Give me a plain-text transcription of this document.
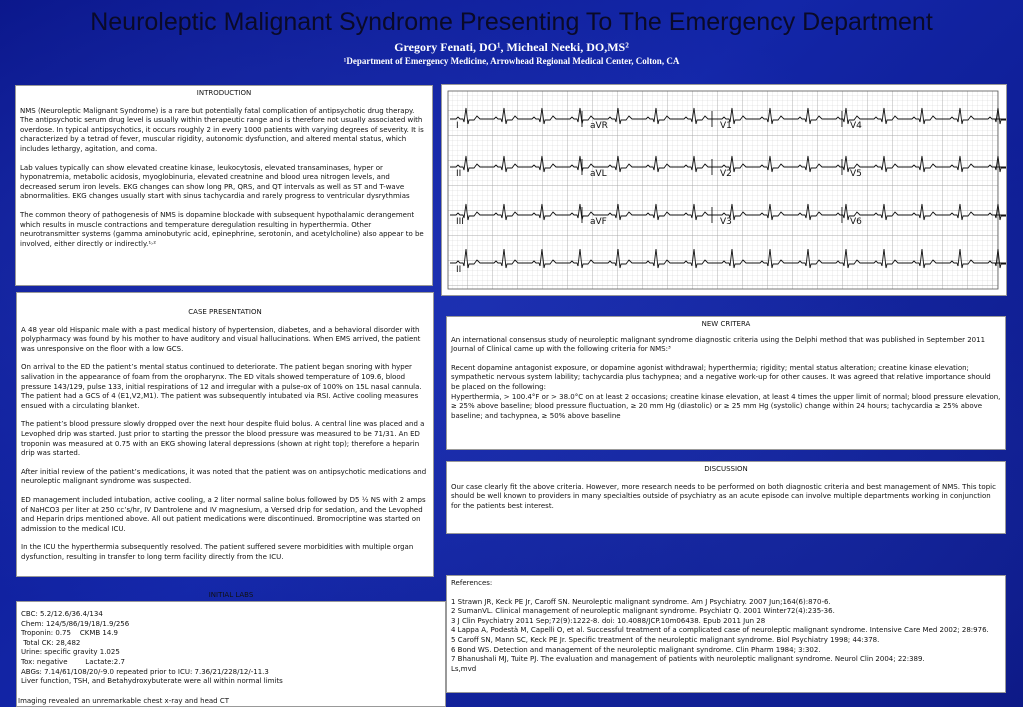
Neuroleptic Malignant Syndrome Presenting To The Emergency Department
Gregory Fenati, DO¹, Micheal Neeki, DO,MS²
¹Department of Emergency Medicine, Arrowhead Regional Medical Center, Colton, CA
INTRODUCTION

NMS (Neuroleptic Malignant Syndrome) is a rare but potentially fatal complication of antipsychotic drug therapy. The antipsychotic serum drug level is usually within therapeutic range and is therefore not usually associated with overdose. In typical antipsychotics, it occurs roughly 2 in every 1000 patients with varying degrees of severity. It is characterized by a tetrad of fever, muscular rigidity, autonomic dysfunction, and altered mental status, which includes lethargy, agitation, and coma.

Lab values typically can show elevated creatine kinase, leukocytosis, elevated transaminases, hyper or hyponatremia, metabolic acidosis, myoglobinuria, elevated creatnine and blood urea nitrogen levels, and decreased serum iron levels. EKG changes can show long PR, QRS, and QT intervals as well as ST and T-wave abnormalities. EKG changes usually start with sinus tachycardia and rarely progress to ventricular dysrythmias

The common theory of pathogenesis of NMS is dopamine blockade with subsequent hypothalamic derangement which results in muscle contractions and temperature deregulation resulting in hyperthermia. Other neurotransmitter systems (gamma aminobutyric acid, epinephrine, serotonin, and acetylcholine) also appear to be involved, either directly or indirectly.¹˒²

I	aVR	V1	V4
II	aVL	V2	V5
III	aVF	V3	V6
II
CASE PRESENTATION

A 48 year old Hispanic male with a past medical history of hypertension, diabetes, and a behavioral disorder with polypharmacy was found by his mother to have auditory and visual hallucinations. When EMS arrived, the patient was unresponsive on the floor with a low GCS.

On arrival to the ED the patient’s mental status continued to deteriorate. The patient began snoring with hyper salivation in the appearance of foam from the oropharynx. The ED vitals showed temperature of 109.6, blood pressure 143/129, pulse 133, initial respirations of 12 and irregular with a pulse-ox of 100% on 15L nasal cannula. The patient had a GCS of 4 (E1,V2,M1). The patient was subsequently intubated via RSI. Active cooling measures ensued with a circulating blanket.

The patient’s blood pressure slowly dropped over the next hour despite fluid bolus. A central line was placed and a Levophed drip was started. Just prior to starting the pressor the blood pressure was measured to be 71/31. An ED troponin was measured at 0.75 with an EKG showing lateral depressions (shown at right top); therefore a heparin drip was started.

After initial review of the patient’s medications, it was noted that the patient was on antipsychotic medications and neuroleptic malignant syndrome was suspected.

ED management included intubation, active cooling, a 2 liter normal saline bolus followed by D5 ½ NS with 2 amps of NaHCO3 per liter at 250 cc’s/hr, IV Dantrolene and IV magnesium, a Versed drip for sedation, and the Levophed and Heparin drips mentioned above. All out patient medications were discontinued. Bromocriptine was started on admission to the medical ICU.

In the ICU the hyperthermia subsequently resolved. The patient suffered severe morbidities with multiple organ dysfunction, resulting in transfer to long term facility directly from the ICU.

INITIAL LABS
CBC: 5.2/12.6/36.4/134
Chem: 124/5/86/19/18/1.9/256
Troponin: 0.75    CKMB 14.9
Total CK: 28,482
Urine: specific gravity 1.025
Tox: negative        Lactate:2.7
ABGs: 7.14/61/108/20/-9.0 repeated prior to ICU: 7.36/21/228/12/-11.3
Liver function, TSH, and Betahydroxybuterate were all within normal limits
Imaging revealed an unremarkable chest x-ray and head CT
NEW CRITERA

An international consensus study of neuroleptic malignant syndrome diagnostic criteria using the Delphi method that was published in September 2011 Journal of Clinical came up with the following criteria for NMS:³

Recent dopamine antagonist exposure, or dopamine agonist withdrawal; hyperthermia; rigidity; mental status alteration; creatine kinase elevation; sympathetic nervous system lability; tachycardia plus tachypnea; and a negative work-up for other causes. It was agreed that relative importance should be placed on the following:
Hyperthermia, > 100.4°F or > 38.0°C on at least 2 occasions; creatine kinase elevation, at least 4 times the upper limit of normal; blood pressure elevation, ≥ 25% above baseline; blood pressure fluctuation, ≥ 20 mm Hg (diastolic) or ≥ 25 mm Hg (systolic) change within 24 hours; tachycardia ≥ 25% above baseline; and tachypnea, ≥ 50% above baseline

DISCUSSION

Our case clearly fit the above criteria. However, more research needs to be performed on both diagnostic criteria and best management of NMS. This topic should be well known to providers in many specialties outside of psychiatry as an acute episode can involve multiple departments working in conjunction for the patients best interest.

References:
1 Strawn JR, Keck PE Jr, Caroff SN. Neuroleptic malignant syndrome. Am J Psychiatry. 2007 Jun;164(6):870-6.
2 SumanVL. Clinical management of neuroleptic malignant syndrome. Psychiatr Q. 2001 Winter72(4):235-36.
3 J Clin Psychiatry 2011 Sep;72(9):1222-8. doi: 10.4088/JCP.10m06438. Epub 2011 Jun 28
4 Lappa A, Podestà M, Capelli O, et al. Successful treatment of a complicated case of neuroleptic malignant syndrome. Intensive Care Med 2002; 28:976.
5 Caroff SN, Mann SC, Keck PE Jr. Specific treatment of the neuroleptic malignant syndrome. Biol Psychiatry 1998; 44:378.
6 Bond WS. Detection and management of the neuroleptic malignant syndrome. Clin Pharm 1984; 3:302.
7 Bhanushali MJ, Tuite PJ. The evaluation and management of patients with neuroleptic malignant syndrome. Neurol Clin 2004; 22:389.
Ls,mvd
